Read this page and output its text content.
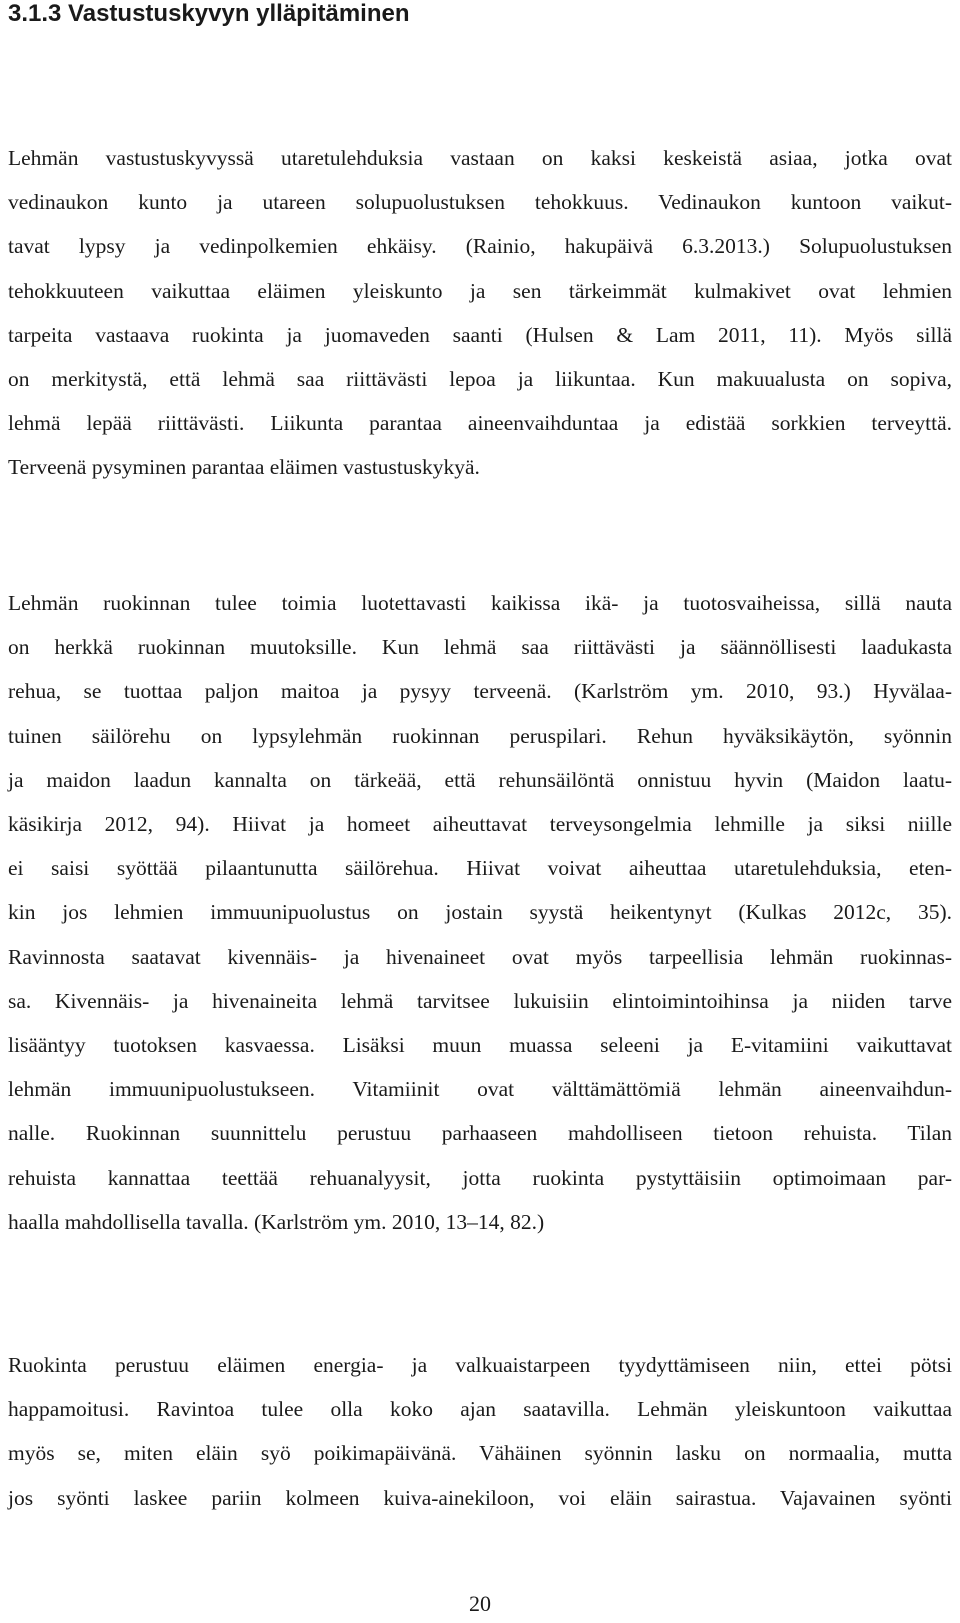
3.1.3 Vastustuskyvyn ylläpitäminen

Lehmän vastustuskyvyssä utaretulehduksia vastaan on kaksi keskeistä asiaa, jotka ovat
vedinaukon kunto ja utareen solupuolustuksen tehokkuus. Vedinaukon kuntoon vaikut-
tavat lypsy ja vedinpolkemien ehkäisy. (Rainio, hakupäivä 6.3.2013.) Solupuolustuksen
tehokkuuteen vaikuttaa eläimen yleiskunto ja sen tärkeimmät kulmakivet ovat lehmien
tarpeita vastaava ruokinta ja juomaveden saanti (Hulsen & Lam 2011, 11). Myös sillä
on merkitystä, että lehmä saa riittävästi lepoa ja liikuntaa. Kun makuualusta on sopiva,
lehmä lepää riittävästi. Liikunta parantaa aineenvaihduntaa ja edistää sorkkien terveyttä.
Terveenä pysyminen parantaa eläimen vastustuskykyä.

Lehmän ruokinnan tulee toimia luotettavasti kaikissa ikä- ja tuotosvaiheissa, sillä nauta
on herkkä ruokinnan muutoksille. Kun lehmä saa riittävästi ja säännöllisesti laadukasta
rehua, se tuottaa paljon maitoa ja pysyy terveenä. (Karlström ym. 2010, 93.) Hyvälaa-
tuinen säilörehu on lypsylehmän ruokinnan peruspilari. Rehun hyväksikäytön, syönnin
ja maidon laadun kannalta on tärkeää, että rehunsäilöntä onnistuu hyvin (Maidon laatu-
käsikirja 2012, 94). Hiivat ja homeet aiheuttavat terveysongelmia lehmille ja siksi niille
ei saisi syöttää pilaantunutta säilörehua. Hiivat voivat aiheuttaa utaretulehduksia, eten-
kin jos lehmien immuunipuolustus on jostain syystä heikentynyt (Kulkas 2012c, 35).
Ravinnosta saatavat kivennäis- ja hivenaineet ovat myös tarpeellisia lehmän ruokinnas-
sa. Kivennäis- ja hivenaineita lehmä tarvitsee lukuisiin elintoimintoihinsa ja niiden tarve
lisääntyy tuotoksen kasvaessa. Lisäksi muun muassa seleeni ja E-vitamiini vaikuttavat
lehmän immuunipuolustukseen. Vitamiinit ovat välttämättömiä lehmän aineenvaihdun-
nalle. Ruokinnan suunnittelu perustuu parhaaseen mahdolliseen tietoon rehuista. Tilan
rehuista kannattaa teettää rehuanalyysit, jotta ruokinta pystyttäisiin optimoimaan par-
haalla mahdollisella tavalla. (Karlström ym. 2010, 13–14, 82.)

Ruokinta perustuu eläimen energia- ja valkuaistarpeen tyydyttämiseen niin, ettei pötsi
happamoitusi. Ravintoa tulee olla koko ajan saatavilla. Lehmän yleiskuntoon vaikuttaa
myös se, miten eläin syö poikimapäivänä. Vähäinen syönnin lasku on normaalia, mutta
jos syönti laskee pariin kolmeen kuiva-ainekiloon, voi eläin sairastua. Vajavainen syönti

20
